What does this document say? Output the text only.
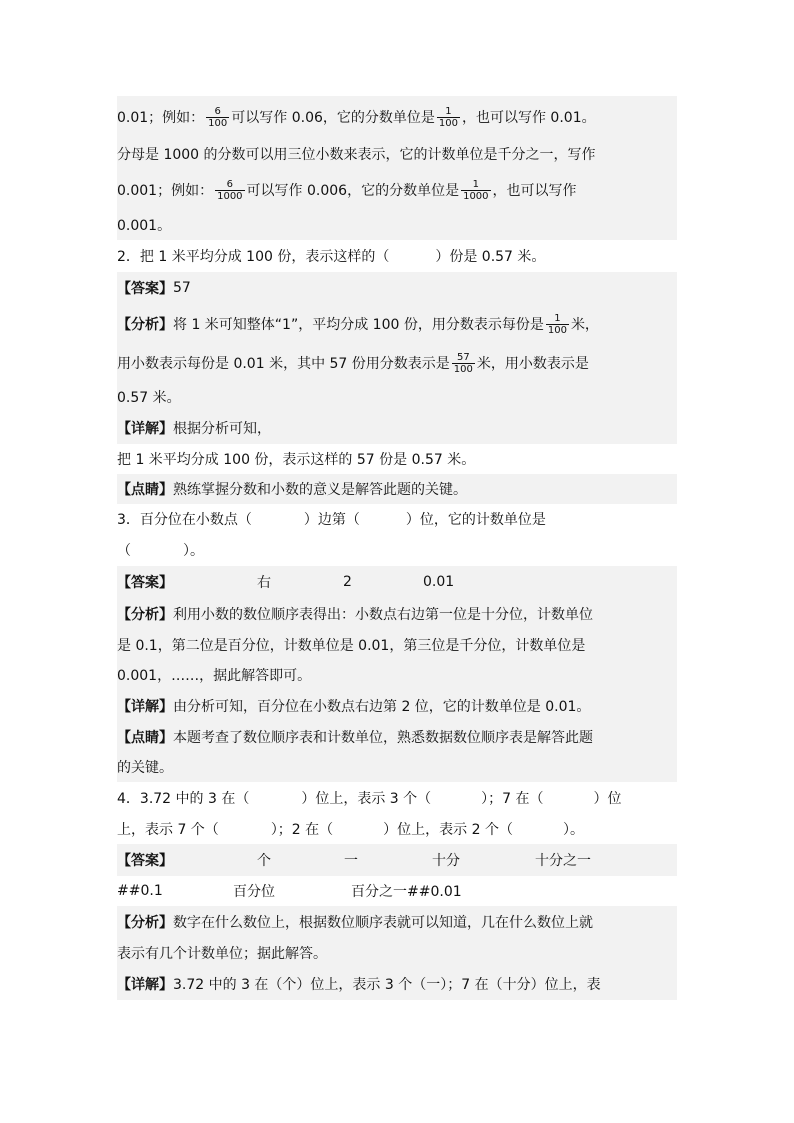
0.01；例如： $\frac{6}{100}$ 可以写作 0.06，它的分数单位是 $\frac{1}{100}$ ，也可以写作 0.01。
分母是 1000 的分数可以用三位小数来表示，它的计数单位是千分之一，写作
0.001；例如： $\frac{6}{1000}$ 可以写作 0.006，它的分数单位是 $\frac{1}{1000}$ ，也可以写作
0.001。
2．把 1 米平均分成 100 份，表示这样的（	）份是 0.57 米。
【答案】 57
【分析】 将 1 米可知整体“1”，平均分成 100 份，用分数表示每份是 $\frac{1}{100}$ 米，
用小数表示每份是 0.01 米，其中 57 份用分数表示是 $\frac{57}{100}$ 米，用小数表示是
0.57 米。
【详解】 根据分析可知，
把 1 米平均分成 100 份，表示这样的 57 份是 0.57 米。
【点睛】 熟练掌握分数和小数的意义是解答此题的关键。
3．百分位在小数点（	）边第（	）位，它的计数单位是
（	）。
【答案】	右	2	0.01
【分析】 利用小数的数位顺序表得出：小数点右边第一位是十分位，计数单位
是 0.1，第二位是百分位，计数单位是 0.01，第三位是千分位，计数单位是
0.001，……，据此解答即可。
【详解】 由分析可知，百分位在小数点右边第 2 位，它的计数单位是 0.01。
【点睛】 本题考查了数位顺序表和计数单位，熟悉数据数位顺序表是解答此题
的关键。
4．3.72 中的 3 在（	）位上，表示 3 个（	）；7 在（	）位
上，表示 7 个（	）；2 在（	）位上，表示 2 个（	）。
【答案】	个	一	十分	十分之一
##0.1	百分位	百分之一##0.01
【分析】 数字在什么数位上，根据数位顺序表就可以知道，几在什么数位上就
表示有几个计数单位；据此解答。
【详解】 3.72 中的 3 在（个）位上，表示 3 个（一）；7 在（十分）位上，表
